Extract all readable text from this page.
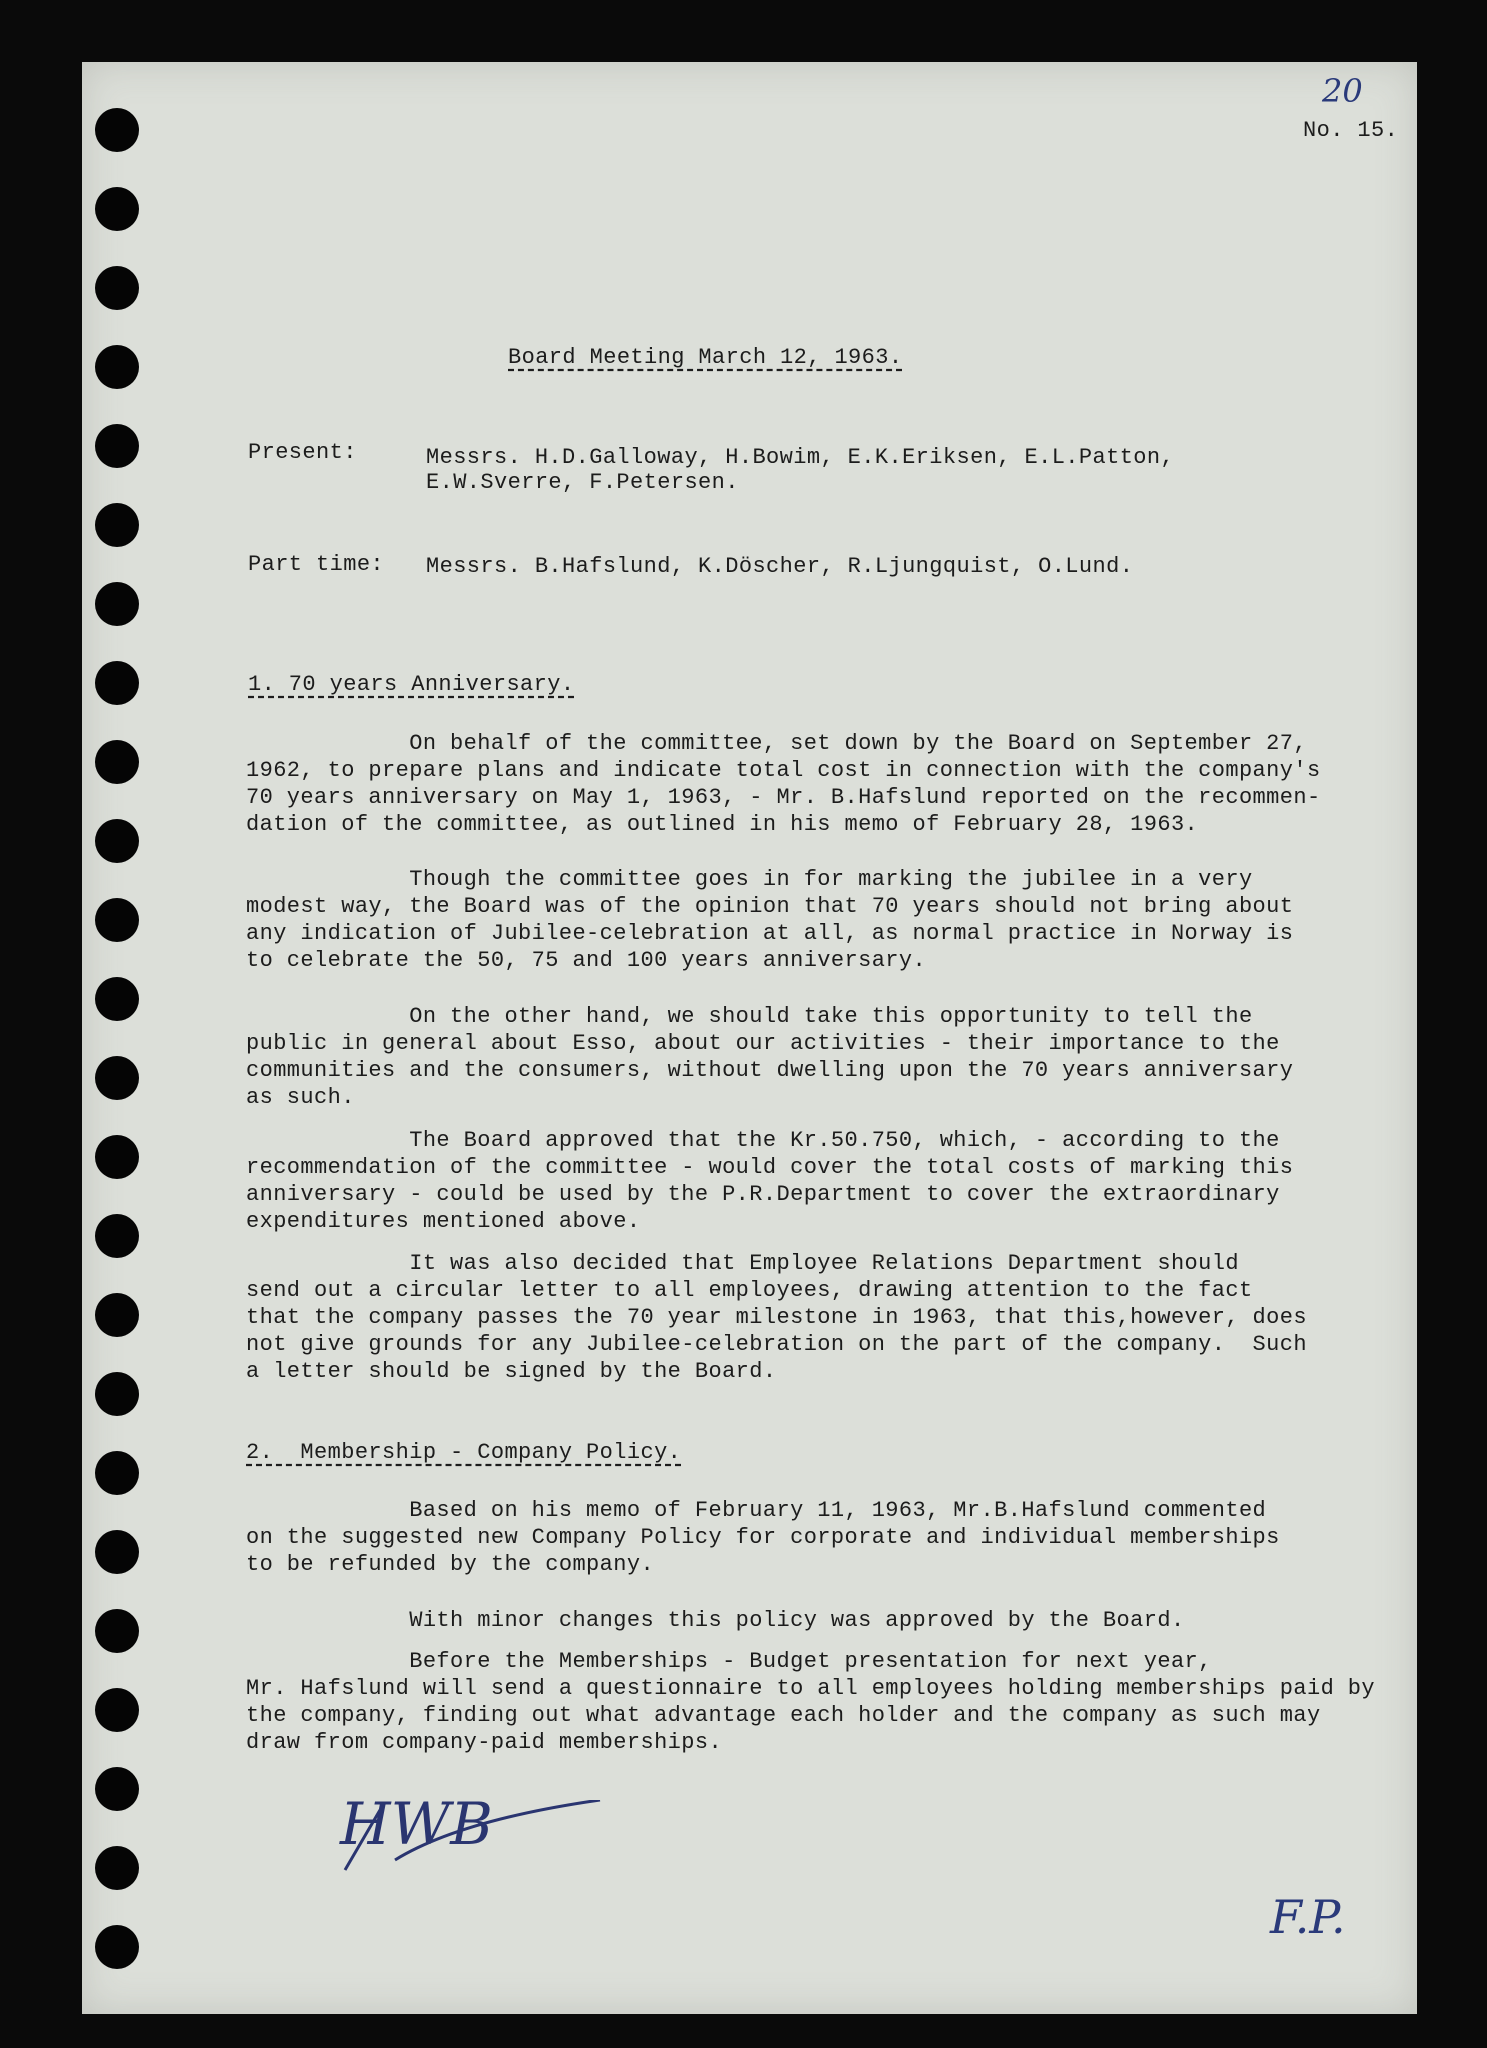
20

No. 15.

Board Meeting March 12, 1963.

Present:	Messrs. H.D.Galloway, H.Bowim, E.K.Eriksen, E.L.Patton,

E.W.Sverre, F.Petersen.

Part time: Messrs. B.Hafslund, K.Döscher, R.Ljungquist, O.Lund.

1. 70 years Anniversary.

On behalf of the committee, set down by the Board on September 27,
1962, to prepare plans and indicate total cost in connection with the company's
70 years anniversary on May 1, 1963, - Mr. B.Hafslund reported on the recommen-
dation of the committee, as outlined in his memo of February 28, 1963.
Though the committee goes in for marking the jubilee in a very
modest way, the Board was of the opinion that 70 years should not bring about
any indication of Jubilee-celebration at all, as normal practice in Norway is
to celebrate the 50, 75 and 100 years anniversary.
On the other hand, we should take this opportunity to tell the
public in general about Esso, about our activities - their importance to the
communities and the consumers, without dwelling upon the 70 years anniversary
as such.
The Board approved that the Kr.50.750, which, - according to the
recommendation of the committee - would cover the total costs of marking this
anniversary - could be used by the P.R.Department to cover the extraordinary
expenditures mentioned above.
It was also decided that Employee Relations Department should
send out a circular letter to all employees, drawing attention to the fact
that the company passes the 70 year milestone in 1963, that this,however, does
not give grounds for any Jubilee-celebration on the part of the company.  Such
a letter should be signed by the Board.

2.  Membership - Company Policy.

Based on his memo of February 11, 1963, Mr.B.Hafslund commented
on the suggested new Company Policy for corporate and individual memberships
to be refunded by the company.
With minor changes this policy was approved by the Board.
Before the Memberships - Budget presentation for next year,
Mr. Hafslund will send a questionnaire to all employees holding memberships paid by
the company, finding out what advantage each holder and the company as such may
draw from company-paid memberships.
HWB
F.P.
